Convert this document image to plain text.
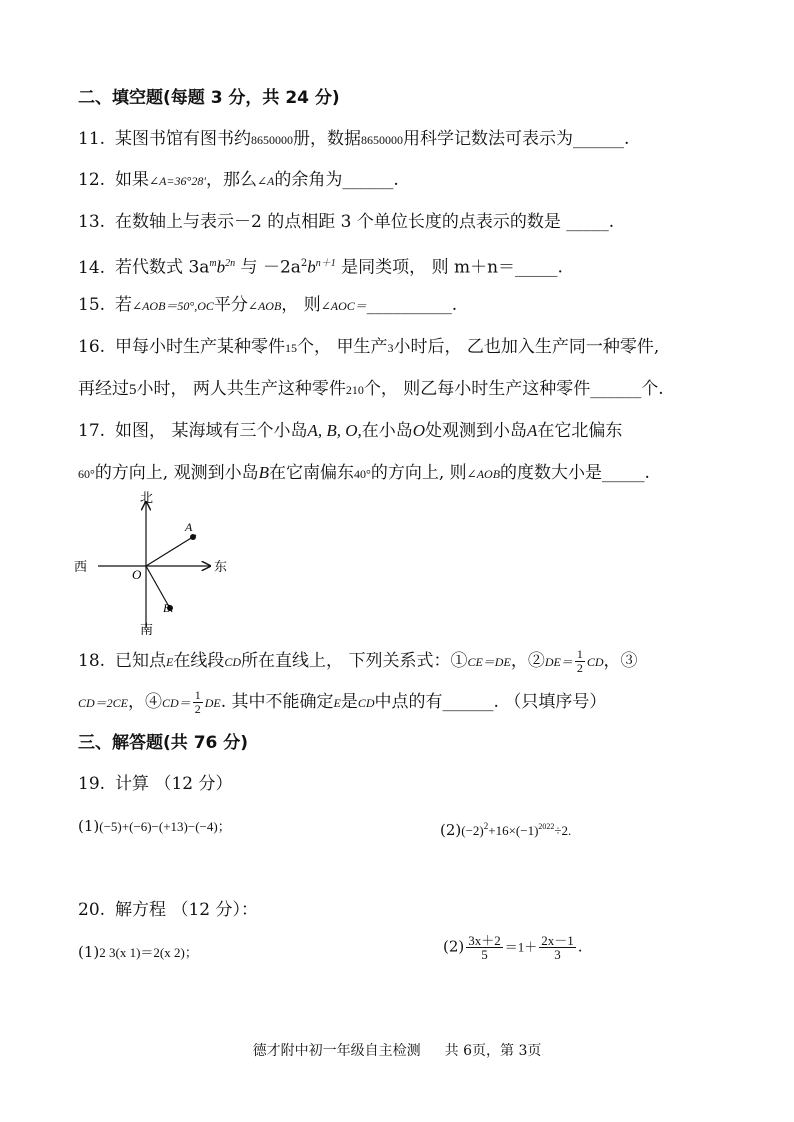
二、填空题(每题 3 分，共 24 分)
11. 某图书馆有图书约8650000册，数据8650000用科学记数法可表示为______.
12. 如果∠A=36°28′，那么∠A的余角为______.
13. 在数轴上与表示－2 的点相距 3 个单位长度的点表示的数是 _____.
14. 若代数式 $3a^mb^{2n}$ 与 $-2a^2b^{n+1}$ 是同类项， 则 m＋n＝_____.
15. 若∠AOB＝50°,OC平分∠AOB， 则∠AOC＝__________.
16. 甲每小时生产某种零件15个， 甲生产3小时后， 乙也加入生产同一种零件,
再经过5小时， 两人共生产这种零件210个， 则乙每小时生产这种零件______个.
17. 如图， 某海域有三个小岛A, B, O,在小岛O处观测到小岛A在它北偏东
60°的方向上, 观测到小岛B在它南偏东40°的方向上, 则∠AOB的度数大小是_____.
北
南
东
西	O
A
B
18. 已知点E在线段CD所在直线上， 下列关系式：①CE＝DE，②DE＝ $\frac{1}{2}$ CD，③
CD＝2CE，④CD＝ $\frac{1}{2}$ DE. 其中不能确定E是CD中点的有______. （只填序号）
三、解答题(共 76 分)
19. 计算 （12 分）
(1)(−5)+(−6)−(+13)−(−4)；	$(2)(-2)^2+16\times(-1)^{2022}\div 2$.
20. 解方程 （12 分）：
(1)2 3(x 1)＝2(x 2)；	$(2) \frac{3x+2}{5} =1+ \frac{2x-1}{3}$ .
德才附中初一年级自主检测 共 6页，第 3页
